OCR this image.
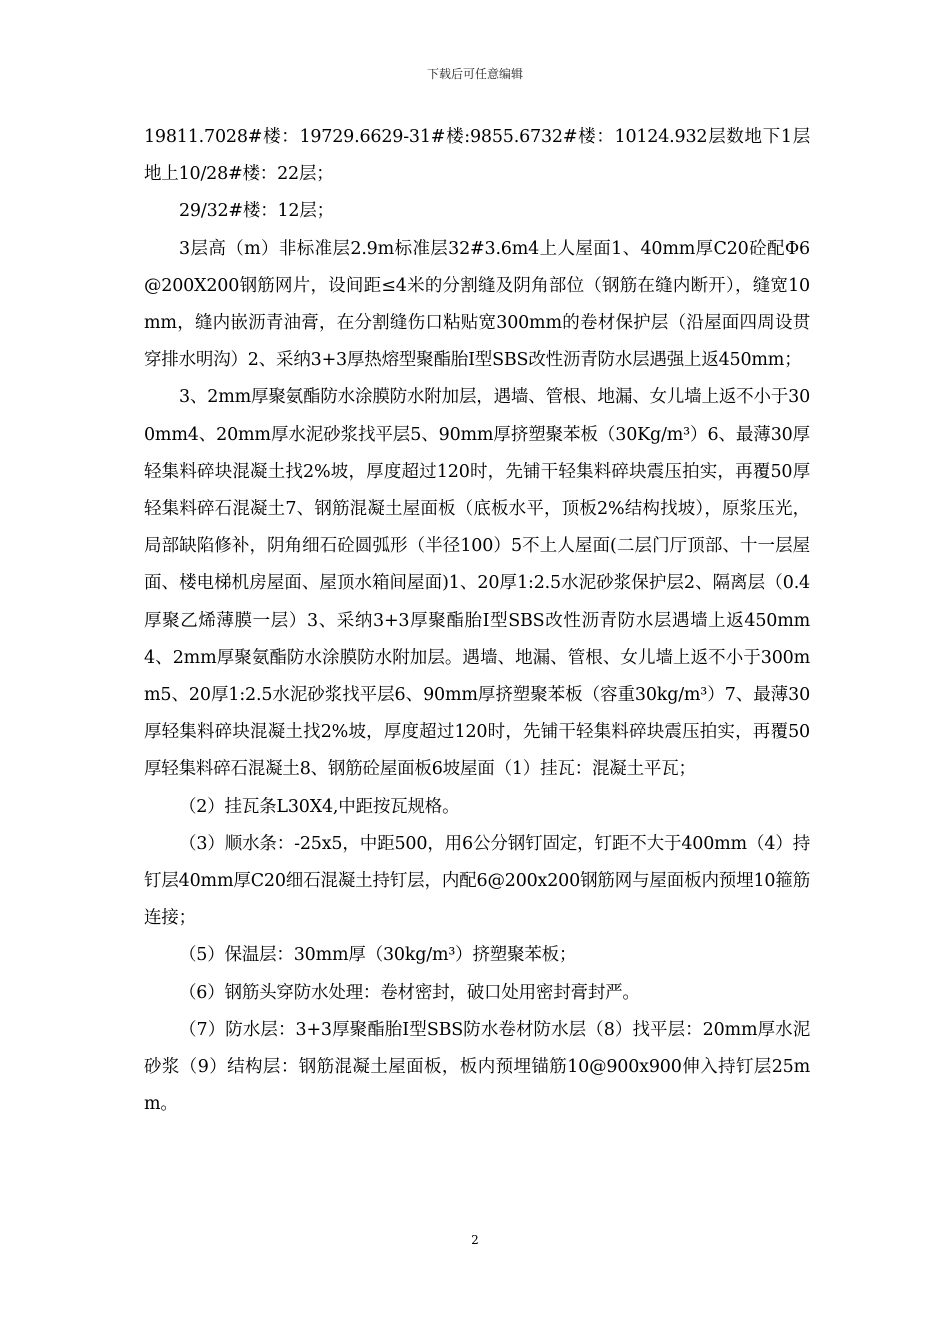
下载后可任意编辑

19811.7028#楼：19729.6629-31#楼:9855.6732#楼：10124.932层数地下1层地上10/28#楼：22层；

29/32#楼：12层；

3层高（m）非标准层2.9m标准层32#3.6m4上人屋面1、40mm厚C20砼配Φ6@200X200钢筋网片，设间距≤4米的分割缝及阴角部位（钢筋在缝内断开），缝宽10mm，缝内嵌沥青油膏，在分割缝伤口粘贴宽300mm的卷材保护层（沿屋面四周设贯穿排水明沟）2、采纳3+3厚热熔型聚酯胎Ⅰ型SBS改性沥青防水层遇强上返450mm；

3、2mm厚聚氨酯防水涂膜防水附加层，遇墙、管根、地漏、女儿墙上返不小于300mm4、20mm厚水泥砂浆找平层5、90mm厚挤塑聚苯板（30Kg/m³）6、最薄30厚轻集料碎块混凝土找2%坡，厚度超过120时，先铺干轻集料碎块震压拍实，再覆50厚轻集料碎石混凝土7、钢筋混凝土屋面板（底板水平，顶板2%结构找坡），原浆压光，局部缺陷修补，阴角细石砼圆弧形（半径100）5不上人屋面(二层门厅顶部、十一层屋面、楼电梯机房屋面、屋顶水箱间屋面)1、20厚1:2.5水泥砂浆保护层2、隔离层（0.4厚聚乙烯薄膜一层）3、采纳3+3厚聚酯胎Ⅰ型SBS改性沥青防水层遇墙上返450mm4、2mm厚聚氨酯防水涂膜防水附加层。遇墙、地漏、管根、女儿墙上返不小于300mm5、20厚1:2.5水泥砂浆找平层6、90mm厚挤塑聚苯板（容重30kg/m³）7、最薄30厚轻集料碎块混凝土找2%坡，厚度超过120时，先铺干轻集料碎块震压拍实，再覆50厚轻集料碎石混凝土8、钢筋砼屋面板6坡屋面（1）挂瓦：混凝土平瓦；

（2）挂瓦条L30X4,中距按瓦规格。

（3）顺水条：-25x5，中距500，用6公分钢钉固定，钉距不大于400mm（4）持钉层40mm厚C20细石混凝土持钉层，内配6@200x200钢筋网与屋面板内预埋10箍筋连接；

（5）保温层：30mm厚（30kg/m³）挤塑聚苯板；

（6）钢筋头穿防水处理：卷材密封，破口处用密封膏封严。

（7）防水层：3+3厚聚酯胎Ⅰ型SBS防水卷材防水层（8）找平层：20mm厚水泥砂浆（9）结构层：钢筋混凝土屋面板，板内预埋锚筋10@900x900伸入持钉层25mm。

2
